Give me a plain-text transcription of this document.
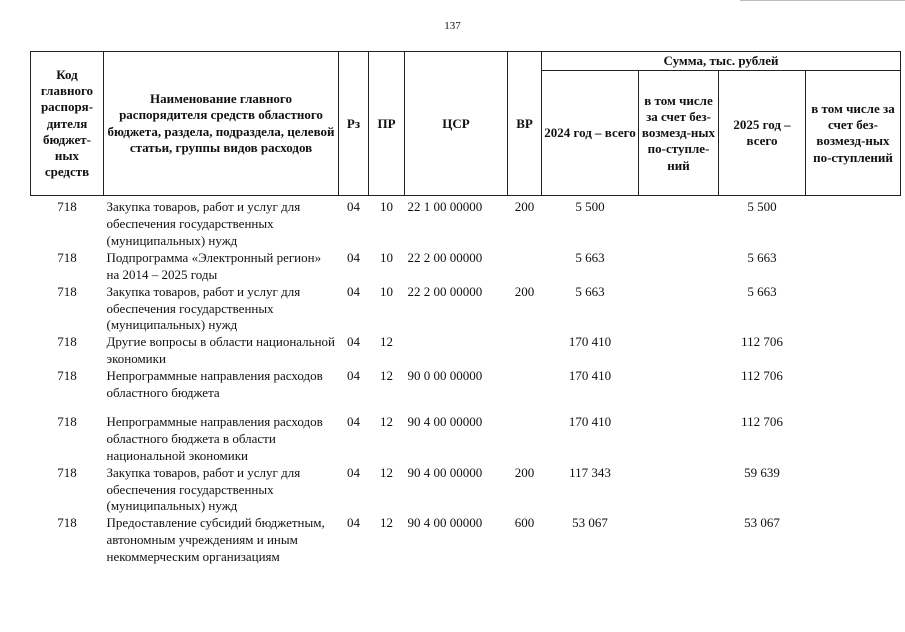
137
Код главного распоря-дителя бюджет-ных средств	Наименование главного распорядителя средств областного бюджета, раздела, подраздела, целевой статьи, группы видов расходов	Рз	ПР	ЦСР	ВР	Сумма, тыс. рублей			
						2024 год – всего	в том числе за счет без-возмезд-ных по-ступле-ний	2025 год – всего	в том числе за счет без-возмезд-ных по-ступлений
718	Закупка товаров, работ и услуг для обеспечения государственных (муниципальных) нужд	04	10	22 1 00 00000	200	5 500		5 500	
718	Подпрограмма «Электронный регион» на 2014 – 2025 годы	04	10	22 2 00 00000		5 663		5 663	
718	Закупка товаров, работ и услуг для обеспечения государственных (муниципальных) нужд	04	10	22 2 00 00000	200	5 663		5 663	
718	Другие вопросы в области национальной экономики	04	12			170 410		112 706	
718	Непрограммные направления расходов областного бюджета	04	12	90 0 00 00000		170 410		112 706	
718	Непрограммные направления расходов областного бюджета в области национальной экономики	04	12	90 4 00 00000		170 410		112 706	
718	Закупка товаров, работ и услуг для обеспечения государственных (муниципальных) нужд	04	12	90 4 00 00000	200	117 343		59 639	
718	Предоставление субсидий бюджетным, автономным учреждениям и иным некоммерческим организациям	04	12	90 4 00 00000	600	53 067		53 067	
